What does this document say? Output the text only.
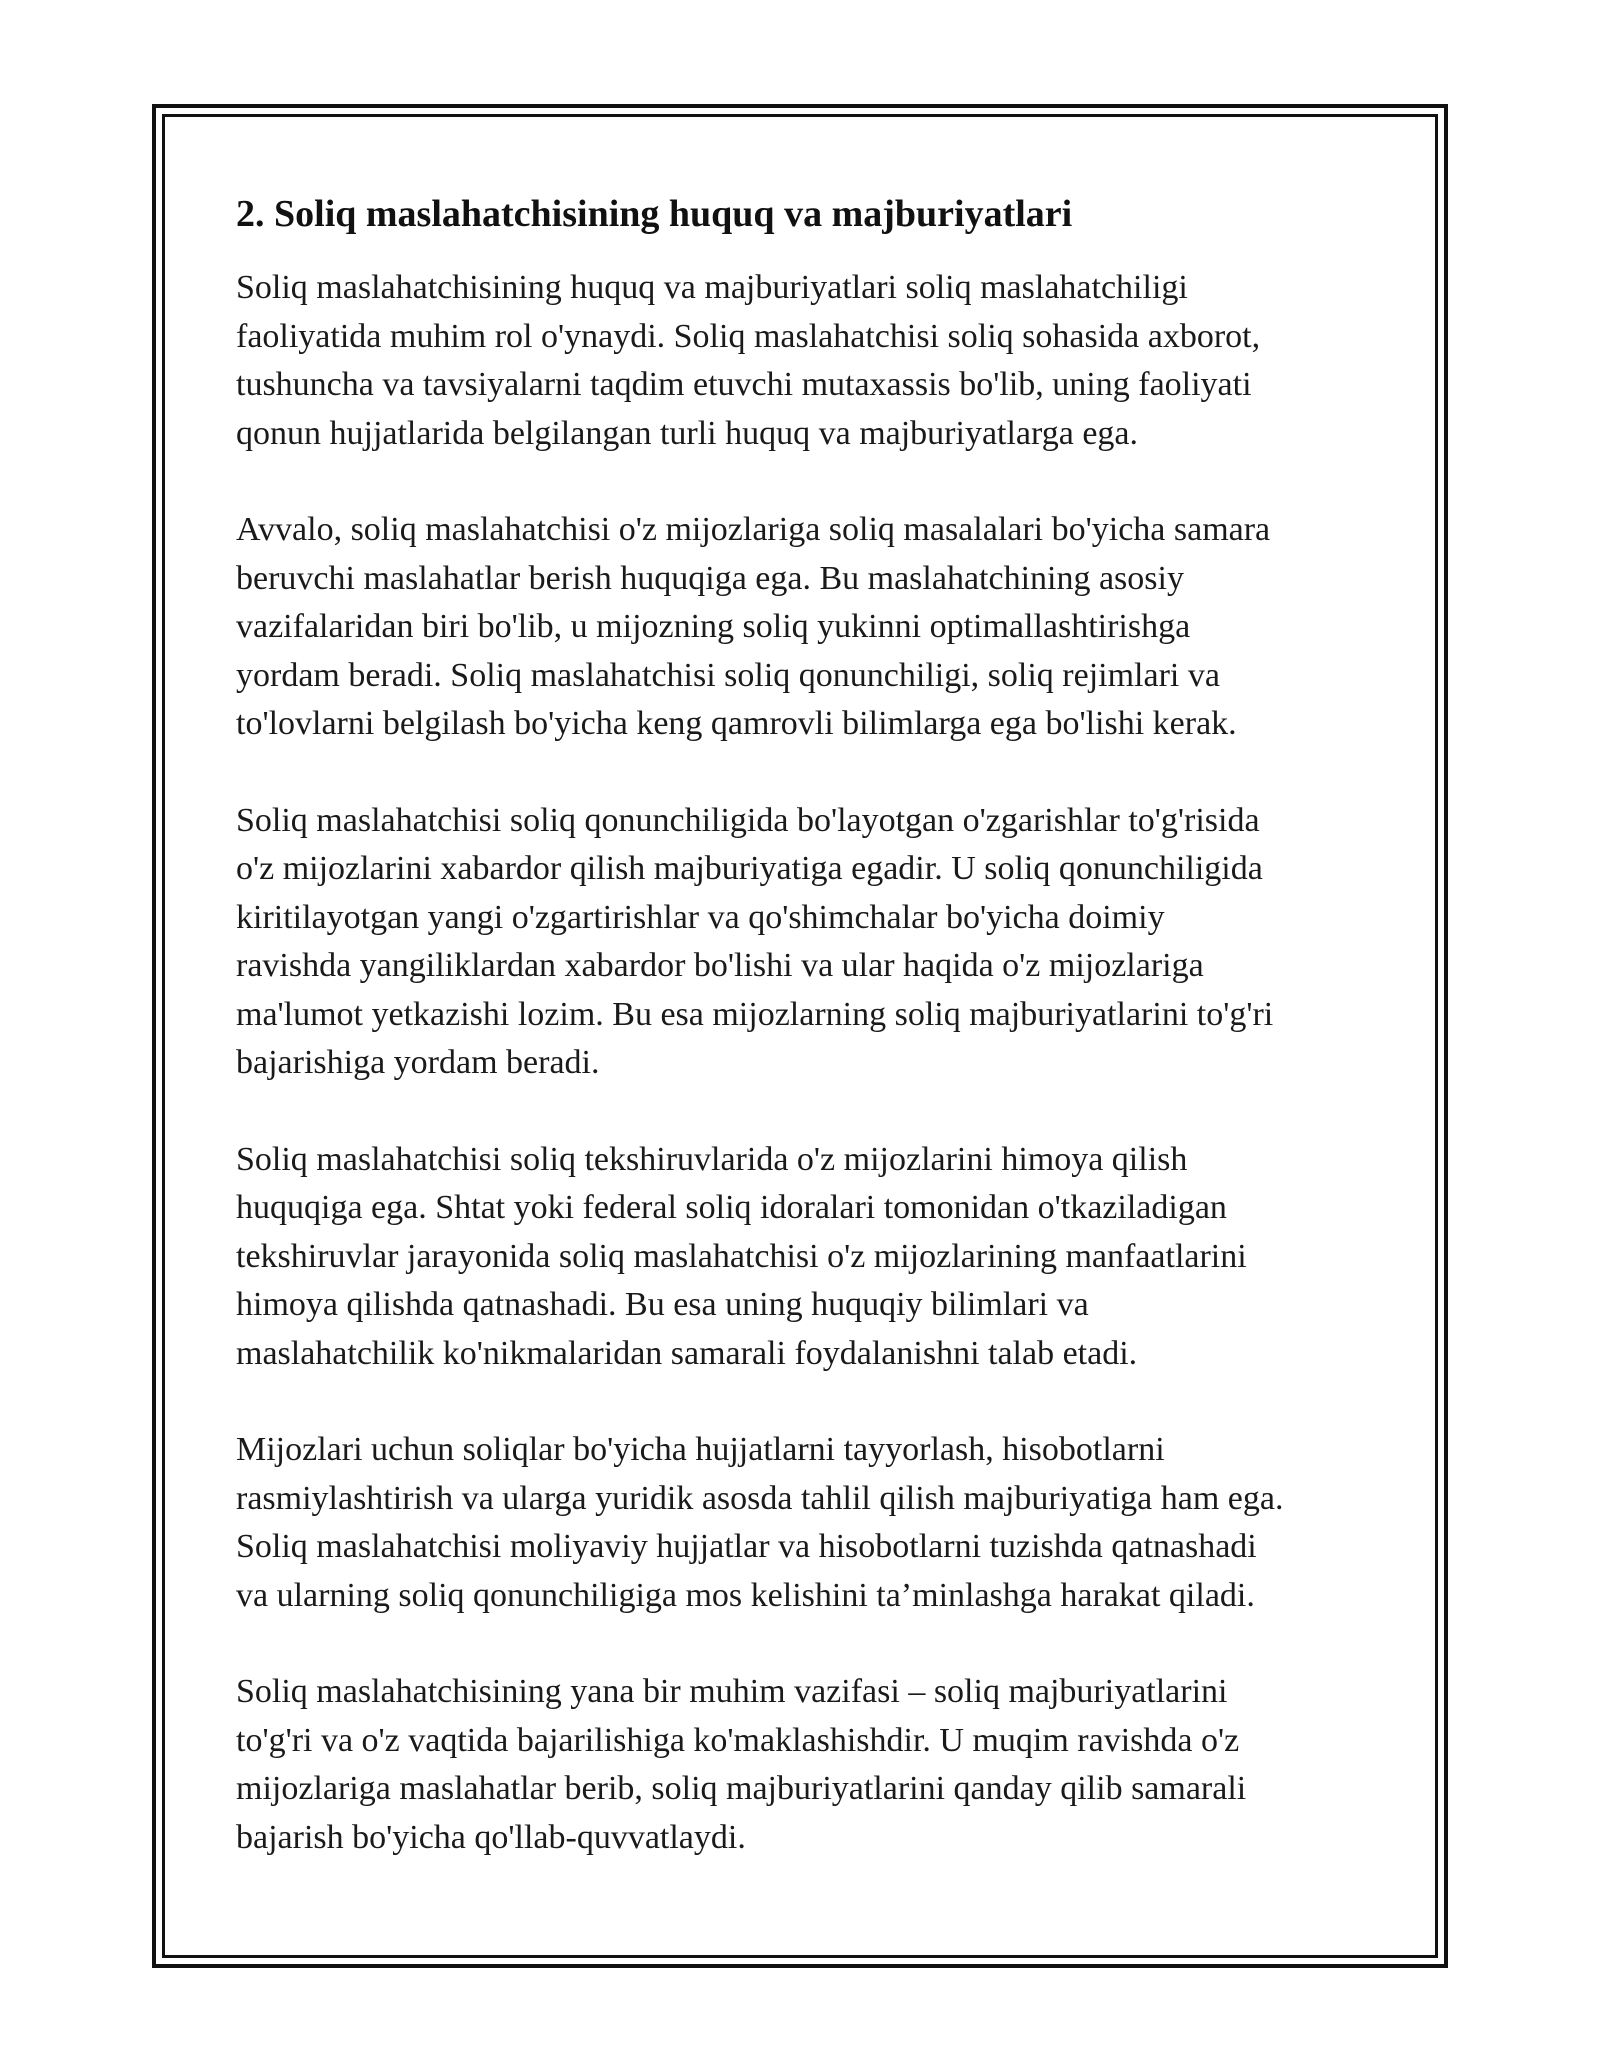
2. Soliq maslahatchisining huquq va majburiyatlari

Soliq maslahatchisining huquq va majburiyatlari soliq maslahatchiligi
faoliyatida muhim rol o'ynaydi. Soliq maslahatchisi soliq sohasida axborot,
tushuncha va tavsiyalarni taqdim etuvchi mutaxassis bo'lib, uning faoliyati
qonun hujjatlarida belgilangan turli huquq va majburiyatlarga ega.

Avvalo, soliq maslahatchisi o'z mijozlariga soliq masalalari bo'yicha samara
beruvchi maslahatlar berish huquqiga ega. Bu maslahatchining asosiy
vazifalaridan biri bo'lib, u mijozning soliq yukinni optimallashtirishga
yordam beradi. Soliq maslahatchisi soliq qonunchiligi, soliq rejimlari va
to'lovlarni belgilash bo'yicha keng qamrovli bilimlarga ega bo'lishi kerak.

Soliq maslahatchisi soliq qonunchiligida bo'layotgan o'zgarishlar to'g'risida
o'z mijozlarini xabardor qilish majburiyatiga egadir. U soliq qonunchiligida
kiritilayotgan yangi o'zgartirishlar va qo'shimchalar bo'yicha doimiy
ravishda yangiliklardan xabardor bo'lishi va ular haqida o'z mijozlariga
ma'lumot yetkazishi lozim. Bu esa mijozlarning soliq majburiyatlarini to'g'ri
bajarishiga yordam beradi.

Soliq maslahatchisi soliq tekshiruvlarida o'z mijozlarini himoya qilish
huquqiga ega. Shtat yoki federal soliq idoralari tomonidan o'tkaziladigan
tekshiruvlar jarayonida soliq maslahatchisi o'z mijozlarining manfaatlarini
himoya qilishda qatnashadi. Bu esa uning huquqiy bilimlari va
maslahatchilik ko'nikmalaridan samarali foydalanishni talab etadi.

Mijozlari uchun soliqlar bo'yicha hujjatlarni tayyorlash, hisobotlarni
rasmiylashtirish va ularga yuridik asosda tahlil qilish majburiyatiga ham ega.
Soliq maslahatchisi moliyaviy hujjatlar va hisobotlarni tuzishda qatnashadi
va ularning soliq qonunchiligiga mos kelishini ta’minlashga harakat qiladi.

Soliq maslahatchisining yana bir muhim vazifasi – soliq majburiyatlarini
to'g'ri va o'z vaqtida bajarilishiga ko'maklashishdir. U muqim ravishda o'z
mijozlariga maslahatlar berib, soliq majburiyatlarini qanday qilib samarali
bajarish bo'yicha qo'llab-quvvatlaydi.
